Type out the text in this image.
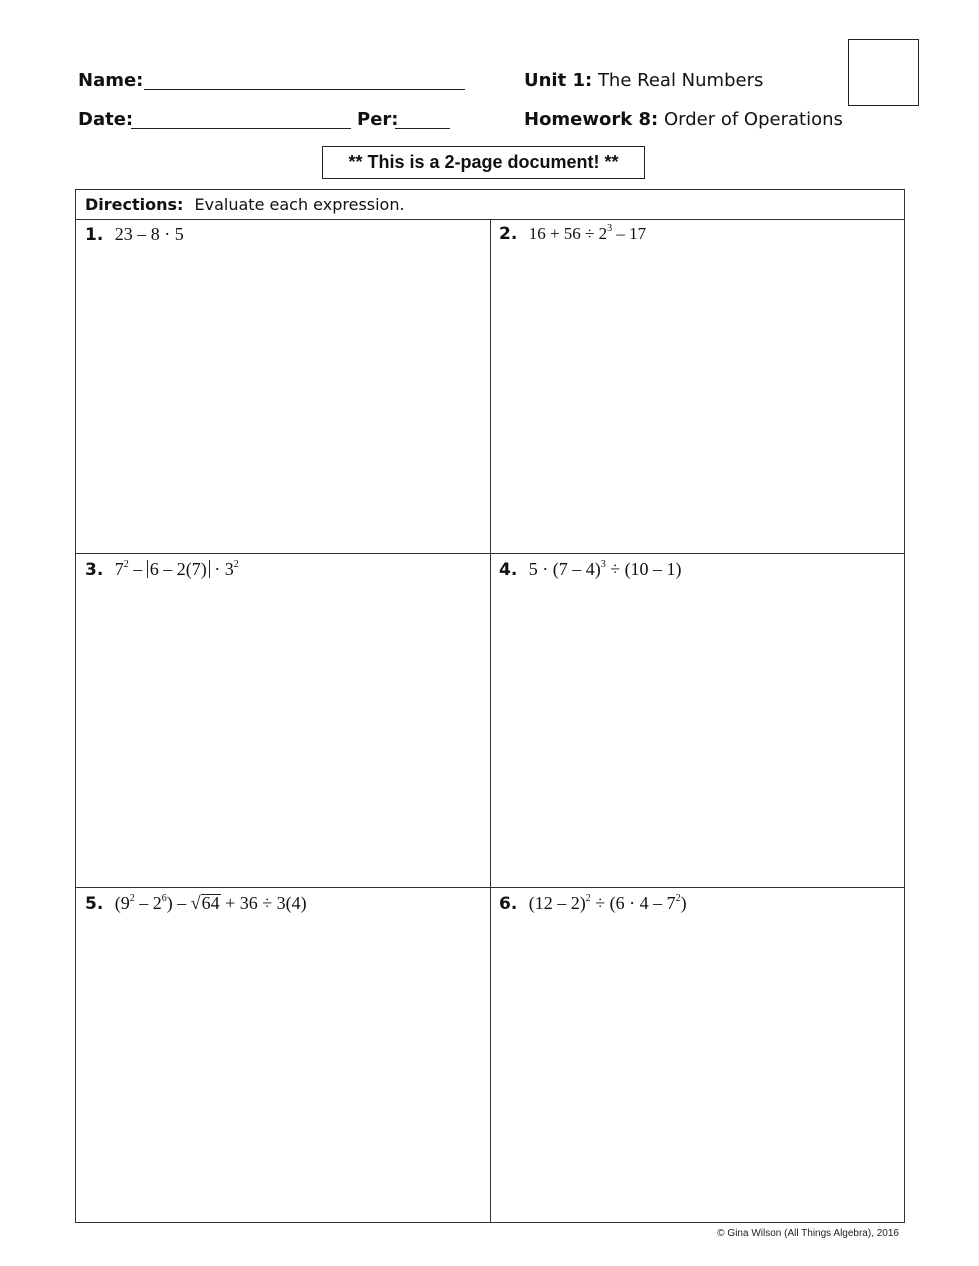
Name:
Date:	Per:
Unit 1: The Real Numbers
Homework 8: Order of Operations
** This is a 2-page document! **
Directions: Evaluate each expression.
1. 23 – 8 · 5	2. $16 + 56 \div 2^3 - 17$
3. $7^2 - 6 - 2(7) \cdot 3^2$	4. 5 · (7 – 4)$^3$ ÷ (10 – 1)
5. $(9^2 - 2^6) - √64 + 36 \div 3(4)$	6. $(12 - 2)^2 \div (6 \cdot 4 - 7^2)$
© Gina Wilson (All Things Algebra), 2016
